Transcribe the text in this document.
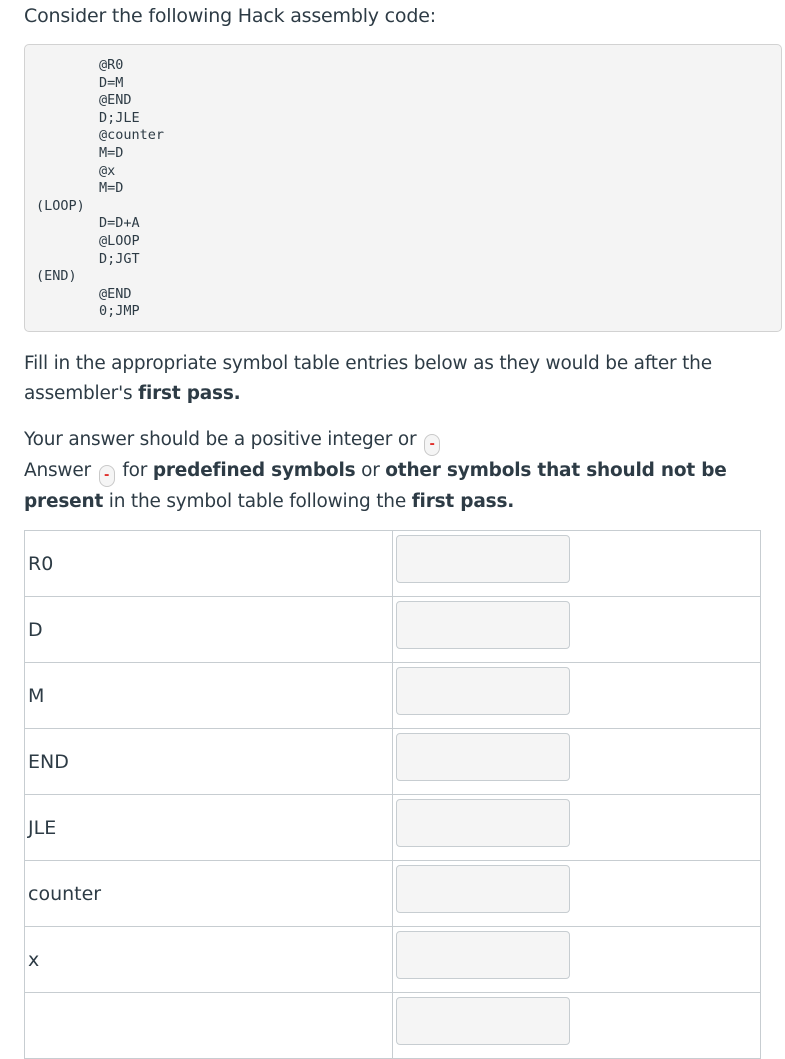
Consider the following Hack assembly code:

@R0
D=M
@END
D;JLE
@counter
M=D
@x
M=D
(LOOP)
D=D+A
@LOOP
D;JGT
(END)
@END
0;JMP

Fill in the appropriate symbol table entries below as they would be after the assembler's first pass.

Your answer should be a positive integer or -
Answer - for predefined symbols or other symbols that should not be present in the symbol table following the first pass.

R0	

D	

M	

END	

JLE	

counter	

x	
